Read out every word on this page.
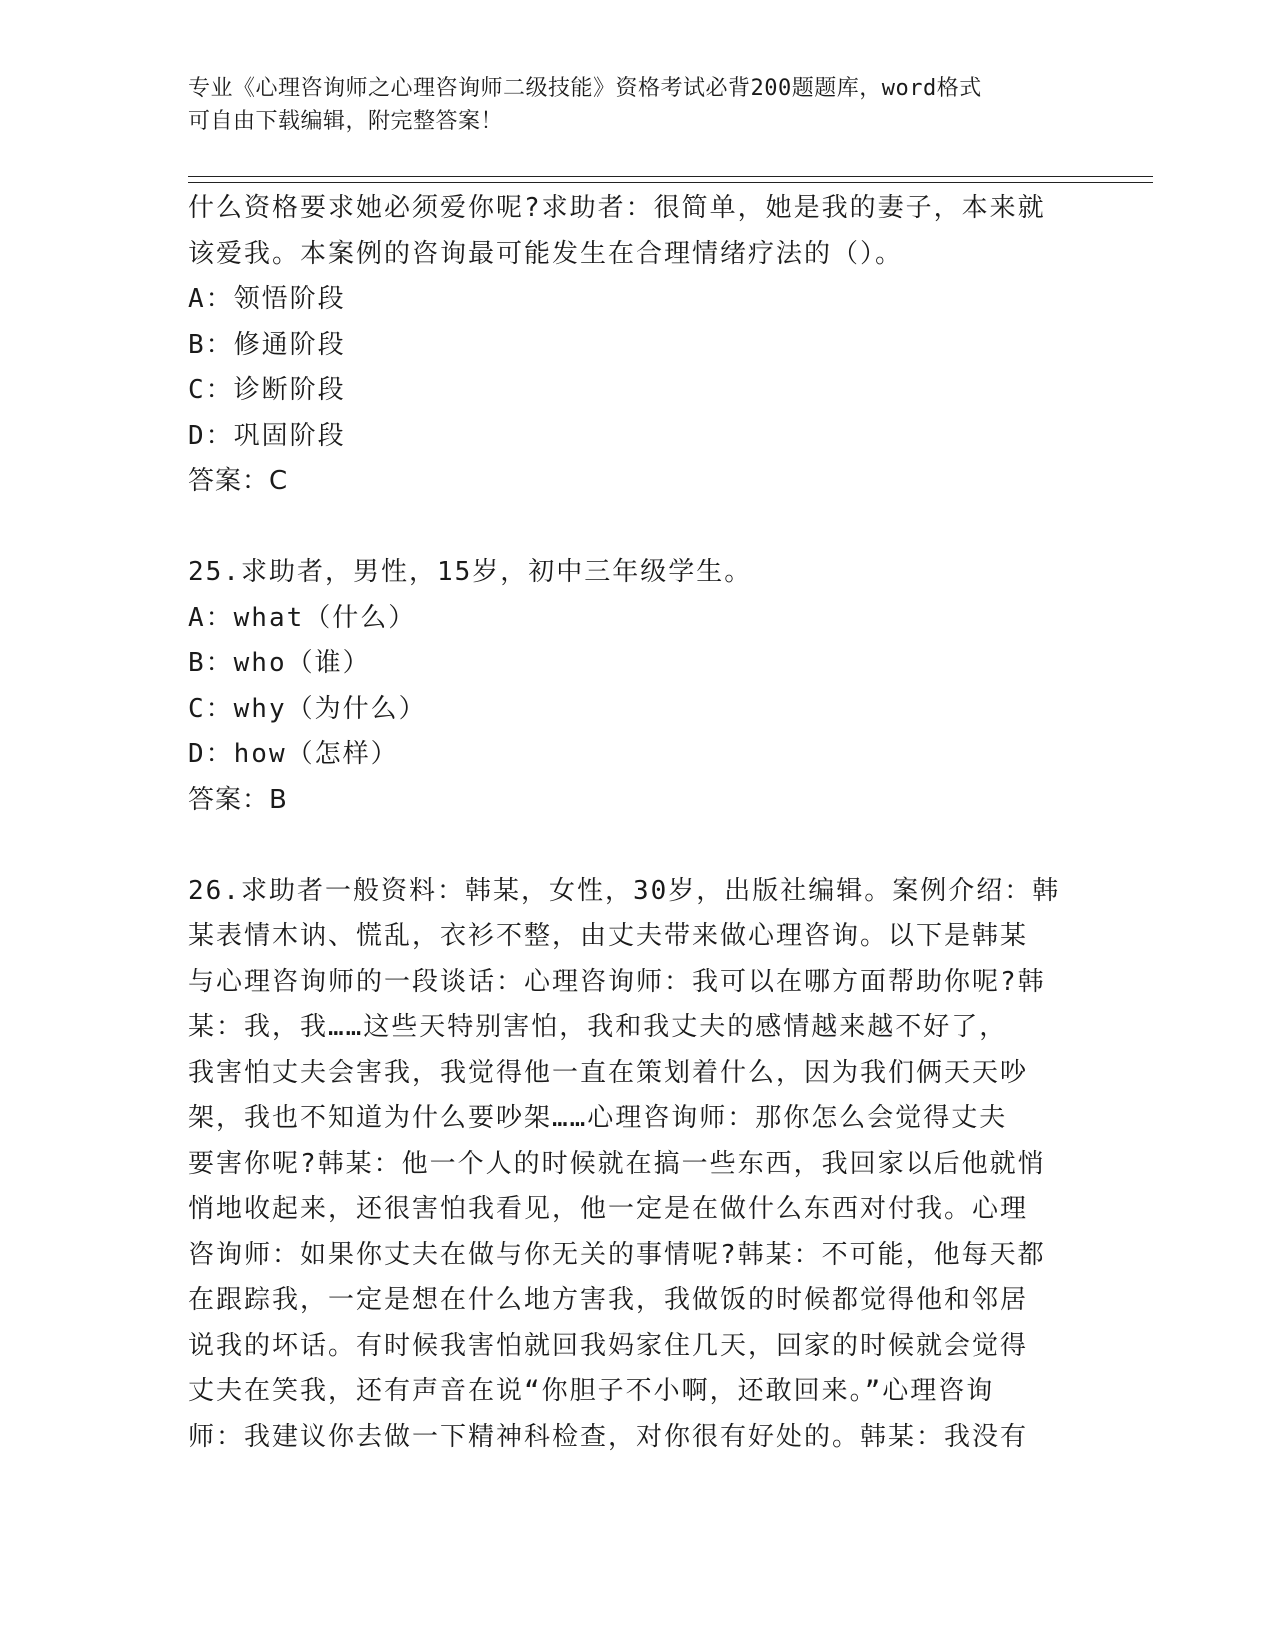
专业《心理咨询师之心理咨询师二级技能》资格考试必背200题题库，word格式
可自由下载编辑，附完整答案！

什么资格要求她必须爱你呢?求助者：很简单，她是我的妻子，本来就

该爱我。本案例的咨询最可能发生在合理情绪疗法的（）。

A：领悟阶段

B：修通阶段

C：诊断阶段

D：巩固阶段

答案：C

25.求助者，男性，15岁，初中三年级学生。

A：what（什么）

B：who（谁）

C：why（为什么）

D：how（怎样）

答案：B

26.求助者一般资料：韩某，女性，30岁，出版社编辑。案例介绍：韩

某表情木讷、慌乱，衣衫不整，由丈夫带来做心理咨询。以下是韩某

与心理咨询师的一段谈话：心理咨询师：我可以在哪方面帮助你呢?韩

某：我，我……这些天特别害怕，我和我丈夫的感情越来越不好了，

我害怕丈夫会害我，我觉得他一直在策划着什么，因为我们俩天天吵

架，我也不知道为什么要吵架……心理咨询师：那你怎么会觉得丈夫

要害你呢?韩某：他一个人的时候就在搞一些东西，我回家以后他就悄

悄地收起来，还很害怕我看见，他一定是在做什么东西对付我。心理

咨询师：如果你丈夫在做与你无关的事情呢?韩某：不可能，他每天都

在跟踪我，一定是想在什么地方害我，我做饭的时候都觉得他和邻居

说我的坏话。有时候我害怕就回我妈家住几天，回家的时候就会觉得

丈夫在笑我，还有声音在说“你胆子不小啊，还敢回来。”心理咨询

师：我建议你去做一下精神科检查，对你很有好处的。韩某：我没有
